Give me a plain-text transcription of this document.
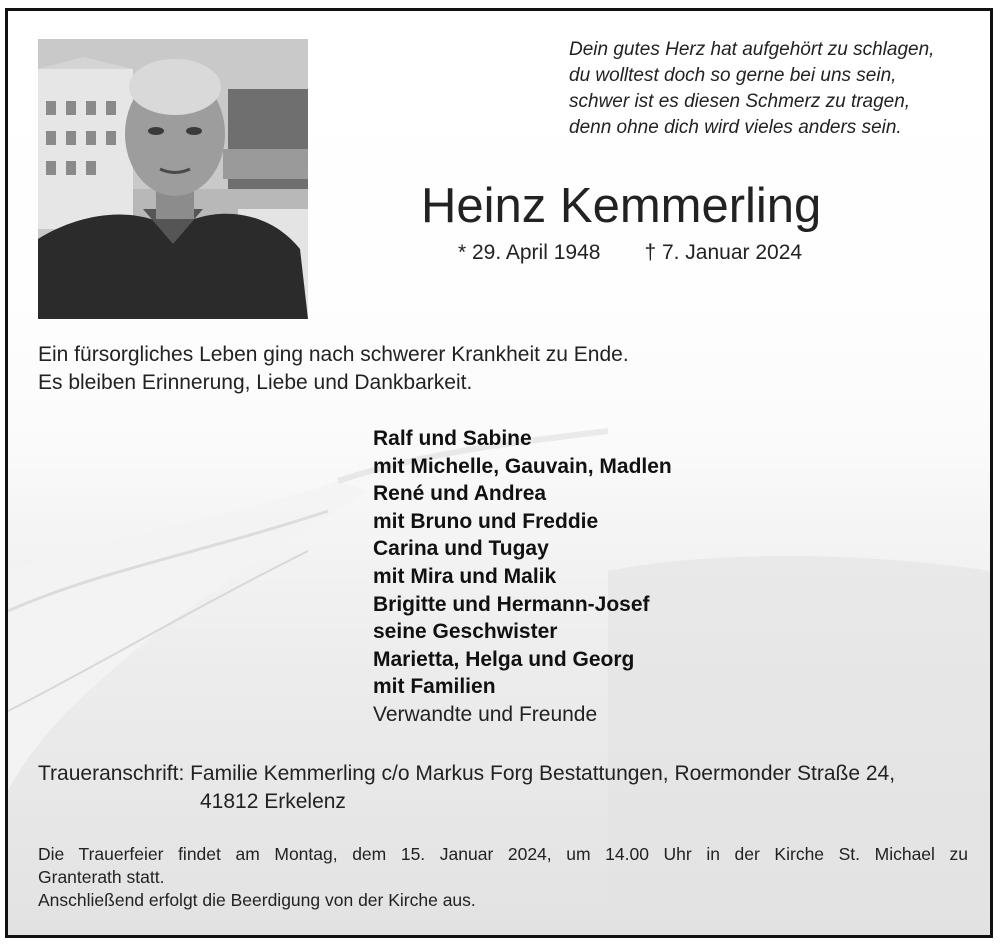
Dein gutes Herz hat aufgehört zu schlagen,
du wolltest doch so gerne bei uns sein,
schwer ist es diesen Schmerz zu tragen,
denn ohne dich wird vieles anders sein.
Heinz Kemmerling
* 29. April 1948 † 7. Januar 2024
Ein fürsorgliches Leben ging nach schwerer Krankheit zu Ende.
Es bleiben Erinnerung, Liebe und Dankbarkeit.
Ralf und Sabine
mit Michelle, Gauvain, Madlen
René und Andrea
mit Bruno und Freddie
Carina und Tugay
mit Mira und Malik
Brigitte und Hermann-Josef
seine Geschwister
Marietta, Helga und Georg
mit Familien
Verwandte und Freunde
Traueranschrift: Familie Kemmerling c/o Markus Forg Bestattungen, Roermonder Straße 24,
41812 Erkelenz
Die Trauerfeier findet am Montag, dem 15. Januar 2024, um 14.00 Uhr in der Kirche St. Michael zu
Granterath statt.
Anschließend erfolgt die Beerdigung von der Kirche aus.
